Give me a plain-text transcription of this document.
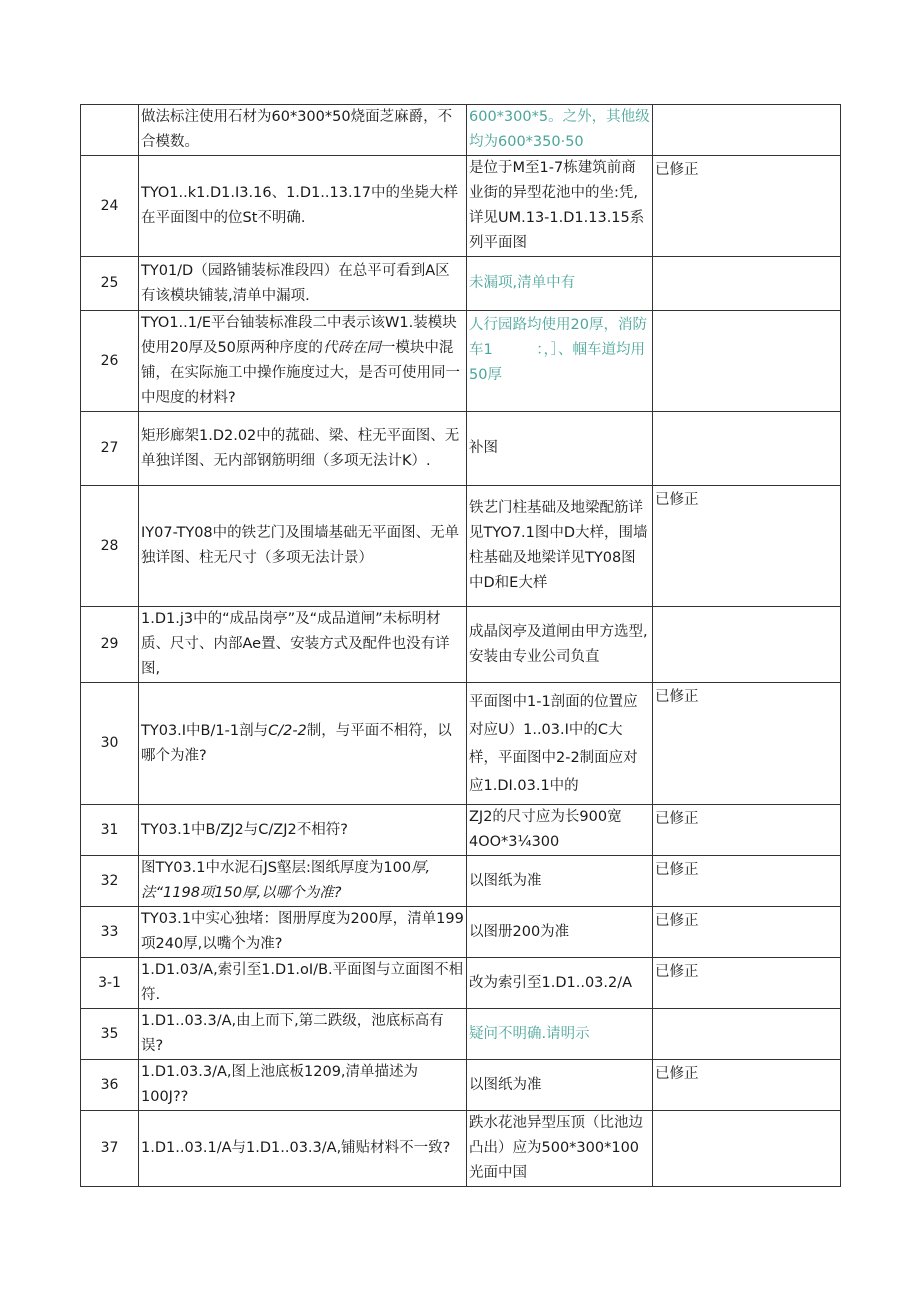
	做法标注使用石材为60*300*50烧面芝麻爵，不合模数。	600*300*5。之外，其他级均为600*350·50	
24	TYO1..k1.D1.I3.16、1.D1..13.17中的坐毙大样在平面图中的位St不明确.	是位于M至1-7栋建筑前商业街的异型花池中的坐:凭,详见UM.13-1.D1.13.15系列平面图	已修正
25	TY01/D（园路铺装标准段四）在总平可看到A区有该模块铺装,清单中漏项.	未漏项,清单中有	
26	TYO1..1/E平台铀装标准段二中表示该W1.装模块使用20厚及50原两种序度的代砖在同一模块中混铺，在实际施工中操作施度过大，是否可使用同一中咫度的材料?	人行园路均使用20厚，消防车1　　　：，］、帼车道均用50厚	
27	矩形廊架1.D2.02中的菰础、梁、柱无平面图、无单独详图、无内部钢筋明细（多项无法计K）.	补图	
28	IY07-TY08中的铁艺门及围墙基础无平面图、无单独详图、柱无尺寸（多项无法计景）	铁艺门柱基础及地梁配筋详见TYO7.1图中D大样，围墙柱基础及地梁详见TY08图中D和E大样	已修正
29	1.D1.j3中的“成品岗亭”及“成品道闸”未标明材质、尺寸、内部Ae置、安装方式及配件也没有详图,	成晶闵亭及道闸由甲方选型,安装由专业公司负直	
30	TY03.I中B/1-1剖与C/2-2制，与平面不相符，以哪个为准?	平面图中1-1剖面的位置应对应U）1..03.I中的C大样，平面图中2-2制面应对应1.DI.03.1中的	已修正
31	TY03.1中B/ZJ2与C/ZJ2不相符?	ZJ2的尺寸应为长900宽4OO*3¼300	已修正
32	图TY03.1中水泥石JS壑层:图纸厚度为100厚,法“1198项150厚,以哪个为准?	以图纸为准	已修正
33	TY03.1中实心独堵：图册厚度为200厚，清单199项240厚,以嘴个为准?	以图册200为准	已修正
3-1	1.D1.03/A,索引至1.D1.oI/B.平面图与立面图不相符.	改为索引至1.D1..03.2/A	已修正
35	1.D1..03.3/A,由上而下,第二跌级，池底标高有误?	疑问不明确.请明示	
36	1.D1.03.3/A,图上池底板1209,清单描述为100J??	以图纸为准	已修正
37	1.D1..03.1/A与1.D1..03.3/A,铺贴材料不一致?	跌水花池异型压顶（比池边凸出）应为500*300*100光面中国	
